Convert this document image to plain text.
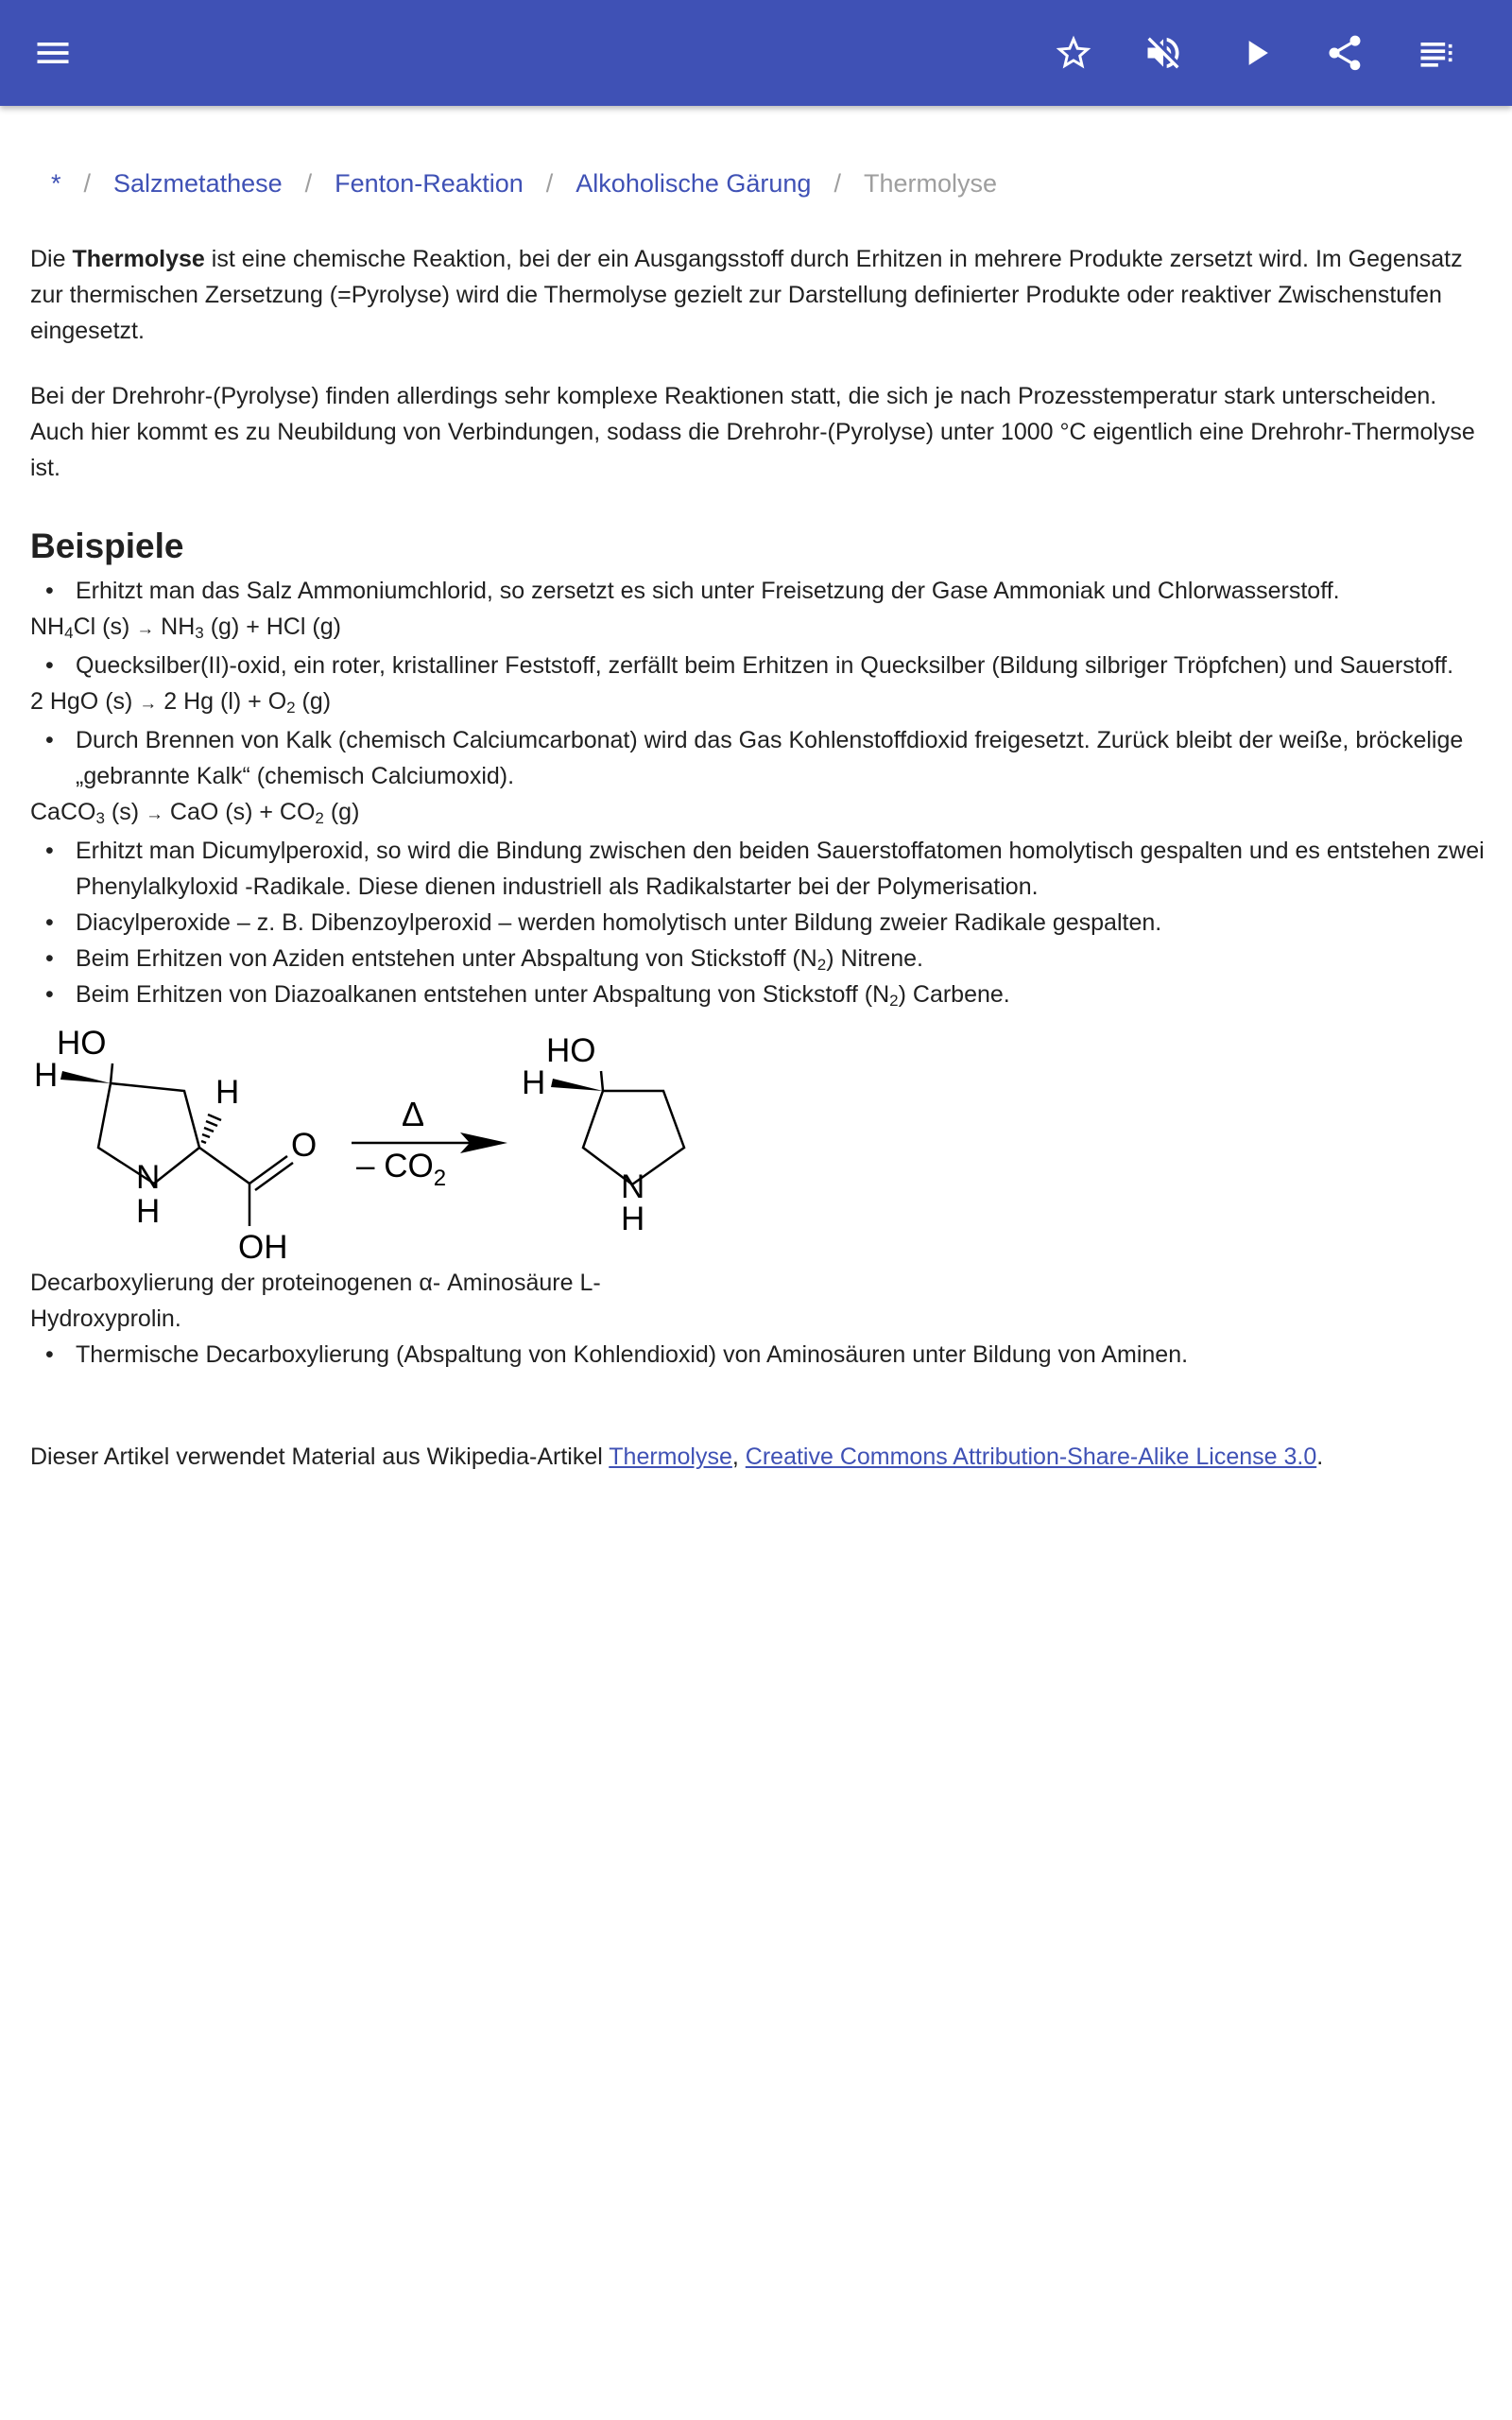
* / Salzmetathese / Fenton-Reaktion / Alkoholische Gärung / Thermolyse

Die Thermolyse ist eine chemische Reaktion, bei der ein Ausgangsstoff durch Erhitzen in mehrere Produkte zersetzt wird. Im Gegensatz zur thermischen Zersetzung (=Pyrolyse) wird die Thermolyse gezielt zur Darstellung definierter Produkte oder reaktiver Zwischenstufen eingesetzt.

Bei der Drehrohr-(Pyrolyse) finden allerdings sehr komplexe Reaktionen statt, die sich je nach Prozesstemperatur stark unterscheiden. Auch hier kommt es zu Neubildung von Verbindungen, sodass die Drehrohr-(Pyrolyse) unter 1000 °C eigentlich eine Drehrohr-Thermolyse ist.

Beispiele
• Erhitzt man das Salz Ammoniumchlorid, so zersetzt es sich unter Freisetzung der Gase Ammoniak und Chlorwasserstoff.
$NH_4Cl$ $(s) \to NH_3$ (g) + HCl (g)
• Quecksilber(II)-oxid, ein roter, kristalliner Feststoff, zerfällt beim Erhitzen in Quecksilber (Bildung silbriger Tröpfchen) und Sauerstoff.
2 HgO (s) → 2 Hg $(l) + O_2$ (g)
• Durch Brennen von Kalk (chemisch Calciumcarbonat) wird das Gas Kohlenstoffdioxid freigesetzt. Zurück bleibt der weiße, bröckelige „gebrannte Kalk“ (chemisch Calciumoxid).
CaCO$_3$ (s) → CaO $(s) + CO_2$ (g)
• Erhitzt man Dicumylperoxid, so wird die Bindung zwischen den beiden Sauerstoffatomen homolytisch gespalten und es entstehen zwei Phenylalkyloxid -Radikale. Diese dienen industriell als Radikalstarter bei der Polymerisation.
• Diacylperoxide – z. B. Dibenzoylperoxid – werden homolytisch unter Bildung zweier Radikale gespalten.
• Beim Erhitzen von Aziden entstehen unter Abspaltung von Stickstoff $(N_2)$ Nitrene.
• Beim Erhitzen von Diazoalkanen entstehen unter Abspaltung von Stickstoff $(N_2)$ Carbene.
HO
H	H
N
H
O
OH
Δ
– $CO_2$
HO
H
N
H
Decarboxylierung der proteinogenen α- Aminosäure L-Hydroxyprolin.
• Thermische Decarboxylierung (Abspaltung von Kohlendioxid) von Aminosäuren unter Bildung von Aminen.

Dieser Artikel verwendet Material aus Wikipedia-Artikel Thermolyse, Creative Commons Attribution-Share-Alike License 3.0.
